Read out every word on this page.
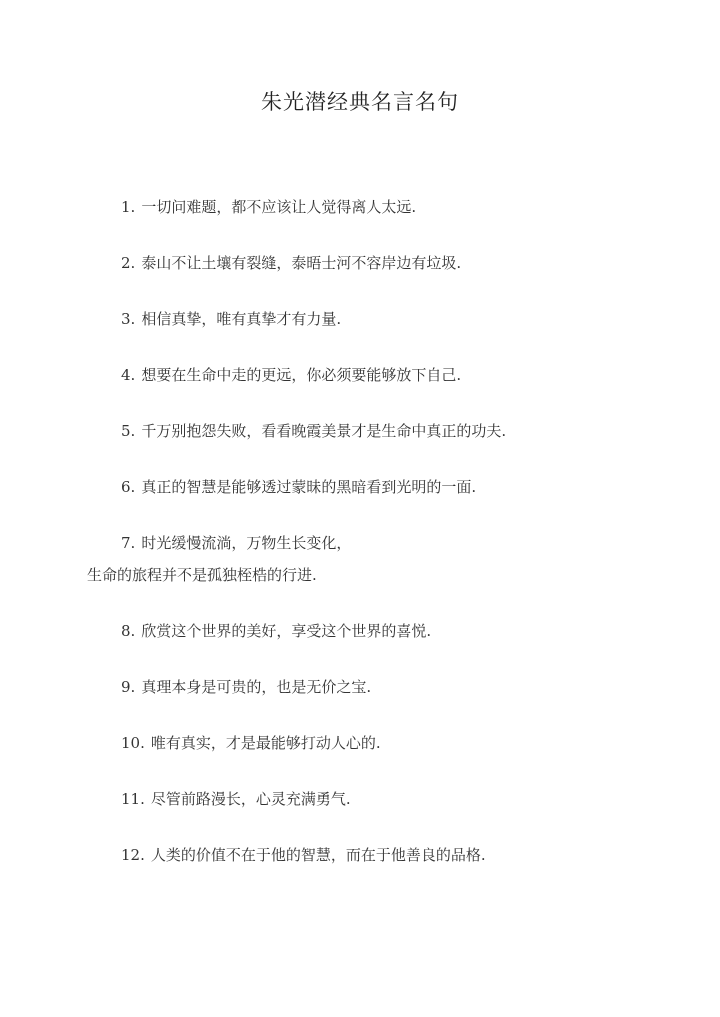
朱光潜经典名言名句
1. 一切问难题，都不应该让人觉得离人太远.
2. 泰山不让土壤有裂缝，泰晤士河不容岸边有垃圾.
3. 相信真挚，唯有真挚才有力量.
4. 想要在生命中走的更远，你必须要能够放下自己.
5. 千万别抱怨失败，看看晚霞美景才是生命中真正的功夫.
6. 真正的智慧是能够透过蒙昧的黑暗看到光明的一面.
7. 时光缓慢流淌，万物生长变化，
生命的旅程并不是孤独桎梏的行进.
8. 欣赏这个世界的美好，享受这个世界的喜悦.
9. 真理本身是可贵的，也是无价之宝.
10. 唯有真实，才是最能够打动人心的.
11. 尽管前路漫长，心灵充满勇气.
12. 人类的价值不在于他的智慧，而在于他善良的品格.
